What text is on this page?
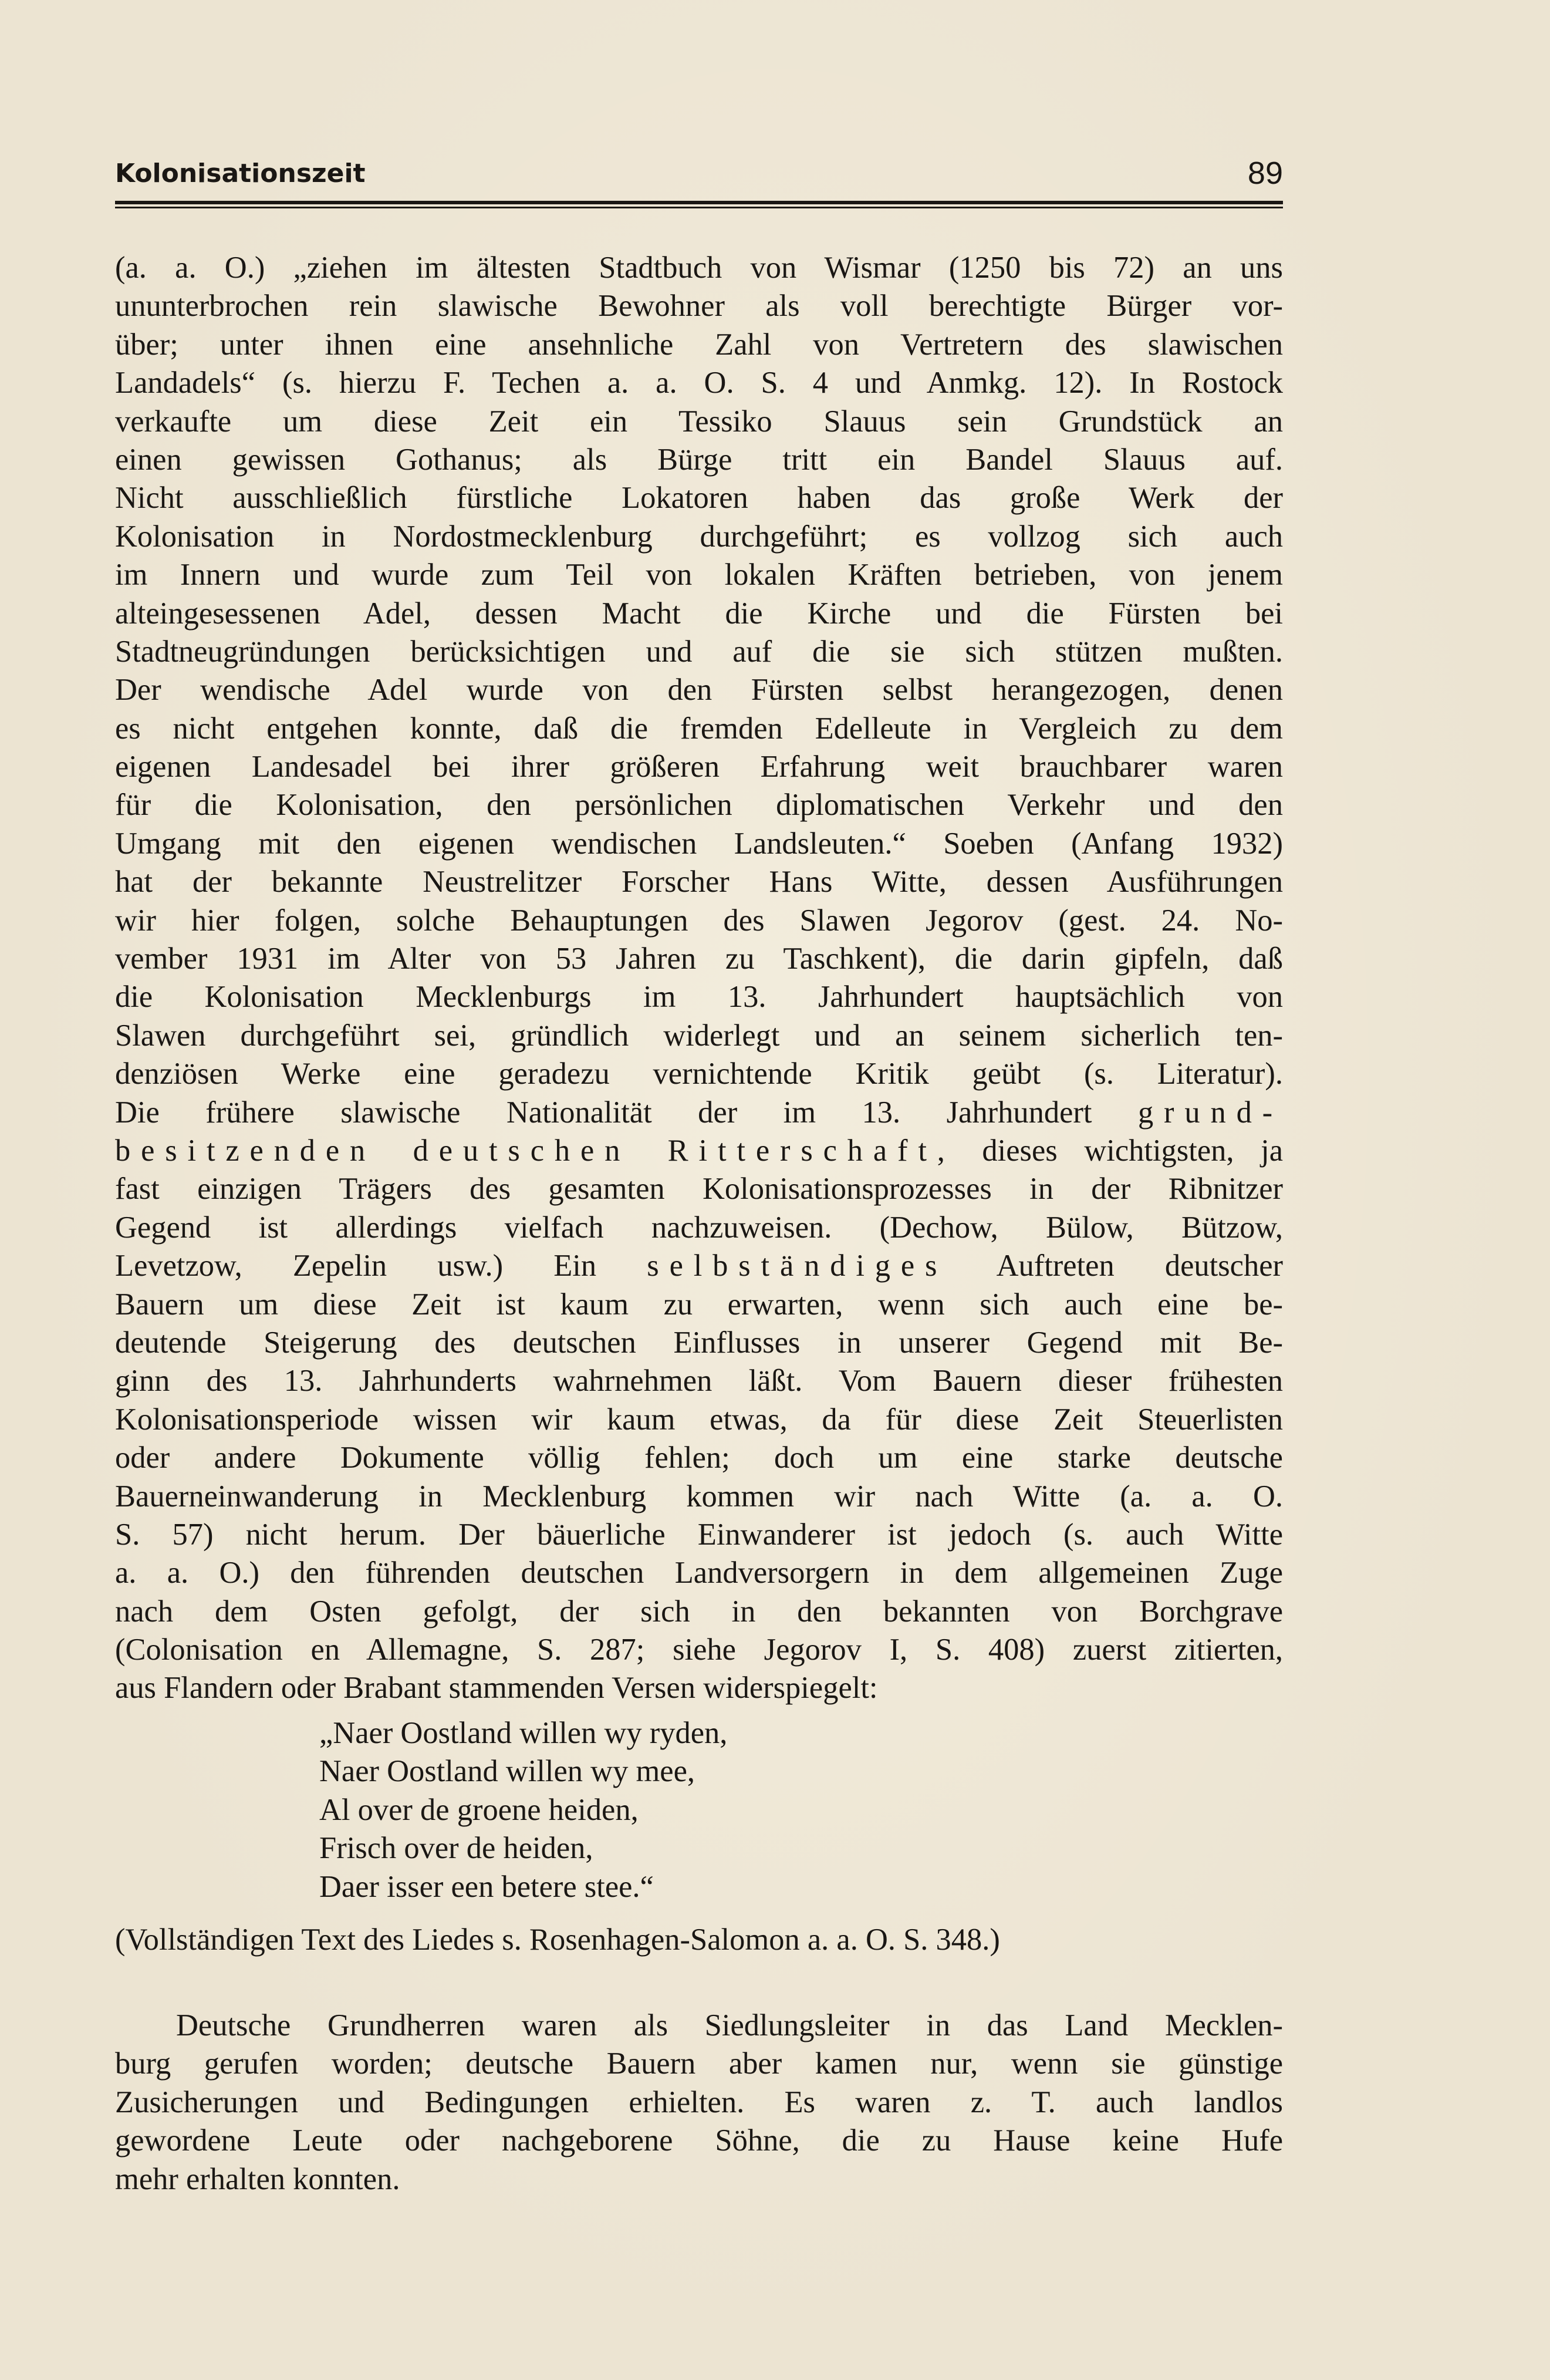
Kolonisationszeit	89
(a. a. O.) „ziehen im ältesten Stadtbuch von Wismar (1250 bis 72) an uns
ununterbrochen rein slawische Bewohner als voll berechtigte Bürger vor-
über; unter ihnen eine ansehnliche Zahl von Vertretern des slawischen
Landadels“ (s. hierzu F. Techen a. a. O. S. 4 und Anmkg. 12). In Rostock
verkaufte um diese Zeit ein Tessiko Slauus sein Grundstück an
einen gewissen Gothanus; als Bürge tritt ein Bandel Slauus auf.
Nicht ausschließlich fürstliche Lokatoren haben das große Werk der
Kolonisation in Nordostmecklenburg durchgeführt; es vollzog sich auch
im Innern und wurde zum Teil von lokalen Kräften betrieben, von jenem
alteingesessenen Adel, dessen Macht die Kirche und die Fürsten bei
Stadtneugründungen berücksichtigen und auf die sie sich stützen mußten.
Der wendische Adel wurde von den Fürsten selbst herangezogen, denen
es nicht entgehen konnte, daß die fremden Edelleute in Vergleich zu dem
eigenen Landesadel bei ihrer größeren Erfahrung weit brauchbarer waren
für die Kolonisation, den persönlichen diplomatischen Verkehr und den
Umgang mit den eigenen wendischen Landsleuten.“ Soeben (Anfang 1932)
hat der bekannte Neustrelitzer Forscher Hans Witte, dessen Ausführungen
wir hier folgen, solche Behauptungen des Slawen Jegorov (gest. 24. No-
vember 1931 im Alter von 53 Jahren zu Taschkent), die darin gipfeln, daß
die Kolonisation Mecklenburgs im 13. Jahrhundert hauptsächlich von
Slawen durchgeführt sei, gründlich widerlegt und an seinem sicherlich ten-
denziösen Werke eine geradezu vernichtende Kritik geübt (s. Literatur).
Die frühere slawische Nationalität der im 13. Jahrhundert grund-
besitzenden deutschen Ritterschaft, dieses wichtigsten, ja
fast einzigen Trägers des gesamten Kolonisationsprozesses in der Ribnitzer
Gegend ist allerdings vielfach nachzuweisen. (Dechow, Bülow, Bützow,
Levetzow, Zepelin usw.) Ein selbständiges Auftreten deutscher
Bauern um diese Zeit ist kaum zu erwarten, wenn sich auch eine be-
deutende Steigerung des deutschen Einflusses in unserer Gegend mit Be-
ginn des 13. Jahrhunderts wahrnehmen läßt. Vom Bauern dieser frühesten
Kolonisationsperiode wissen wir kaum etwas, da für diese Zeit Steuerlisten
oder andere Dokumente völlig fehlen; doch um eine starke deutsche
Bauerneinwanderung in Mecklenburg kommen wir nach Witte (a. a. O.
S. 57) nicht herum. Der bäuerliche Einwanderer ist jedoch (s. auch Witte
a. a. O.) den führenden deutschen Landversorgern in dem allgemeinen Zuge
nach dem Osten gefolgt, der sich in den bekannten von Borchgrave
(Colonisation en Allemagne, S. 287; siehe Jegorov I, S. 408) zuerst zitierten,
aus Flandern oder Brabant stammenden Versen widerspiegelt:
„Naer Oostland willen wy ryden,
Naer Oostland willen wy mee,
Al over de groene heiden,
Frisch over de heiden,
Daer isser een betere stee.“
(Vollständigen Text des Liedes s. Rosenhagen-Salomon a. a. O. S. 348.)
Deutsche Grundherren waren als Siedlungsleiter in das Land Mecklen-
burg gerufen worden; deutsche Bauern aber kamen nur, wenn sie günstige
Zusicherungen und Bedingungen erhielten. Es waren z. T. auch landlos
gewordene Leute oder nachgeborene Söhne, die zu Hause keine Hufe
mehr erhalten konnten.
